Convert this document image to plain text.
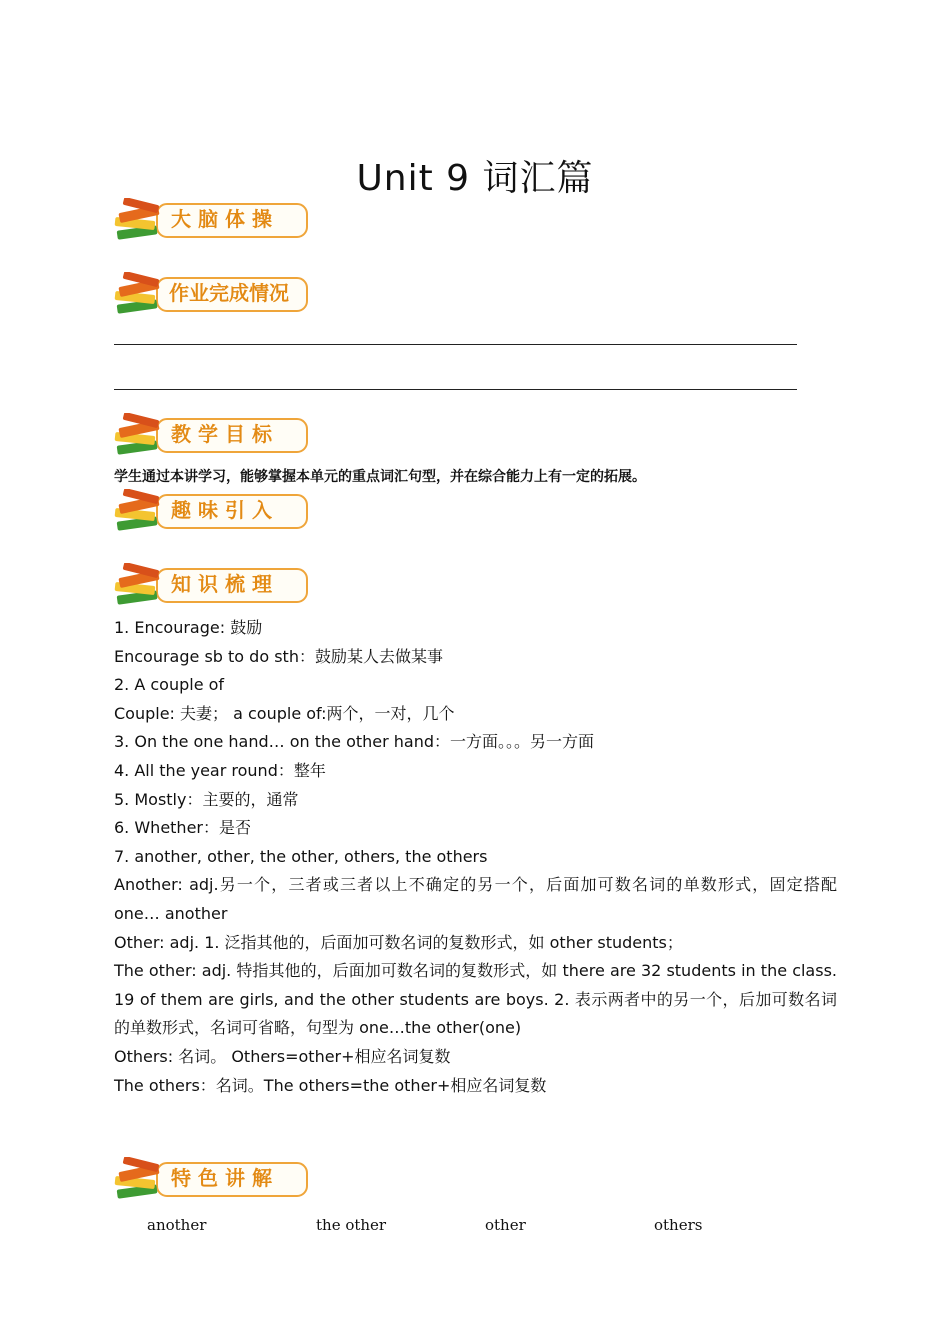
Unit 9 词汇篇
大脑体操
作业完成情况
教学目标
学生通过本讲学习，能够掌握本单元的重点词汇句型，并在综合能力上有一定的拓展。
趣味引入
知识梳理
1. Encourage: 鼓励
Encourage sb to do sth：鼓励某人去做某事
2. A couple of
Couple: 夫妻； a couple of:两个，一对，几个
3. On the one hand… on the other hand：一方面。。。另一方面
4. All the year round：整年
5. Mostly：主要的，通常
6. Whether：是否
7. another, other, the other, others, the others
Another: adj.另一个，三者或三者以上不确定的另一个，后面加可数名词的单数形式，固定搭配 one… another
Other: adj. 1. 泛指其他的，后面加可数名词的复数形式，如 other students；
The other: adj. 特指其他的，后面加可数名词的复数形式，如 there are 32 students in the class. 19 of them are girls, and the other students are boys. 2. 表示两者中的另一个，后加可数名词的单数形式，名词可省略，句型为 one…the other(one)
Others: 名词。 Others=other+相应名词复数
The others：名词。The others=the other+相应名词复数
特色讲解
another	the other	other	others
